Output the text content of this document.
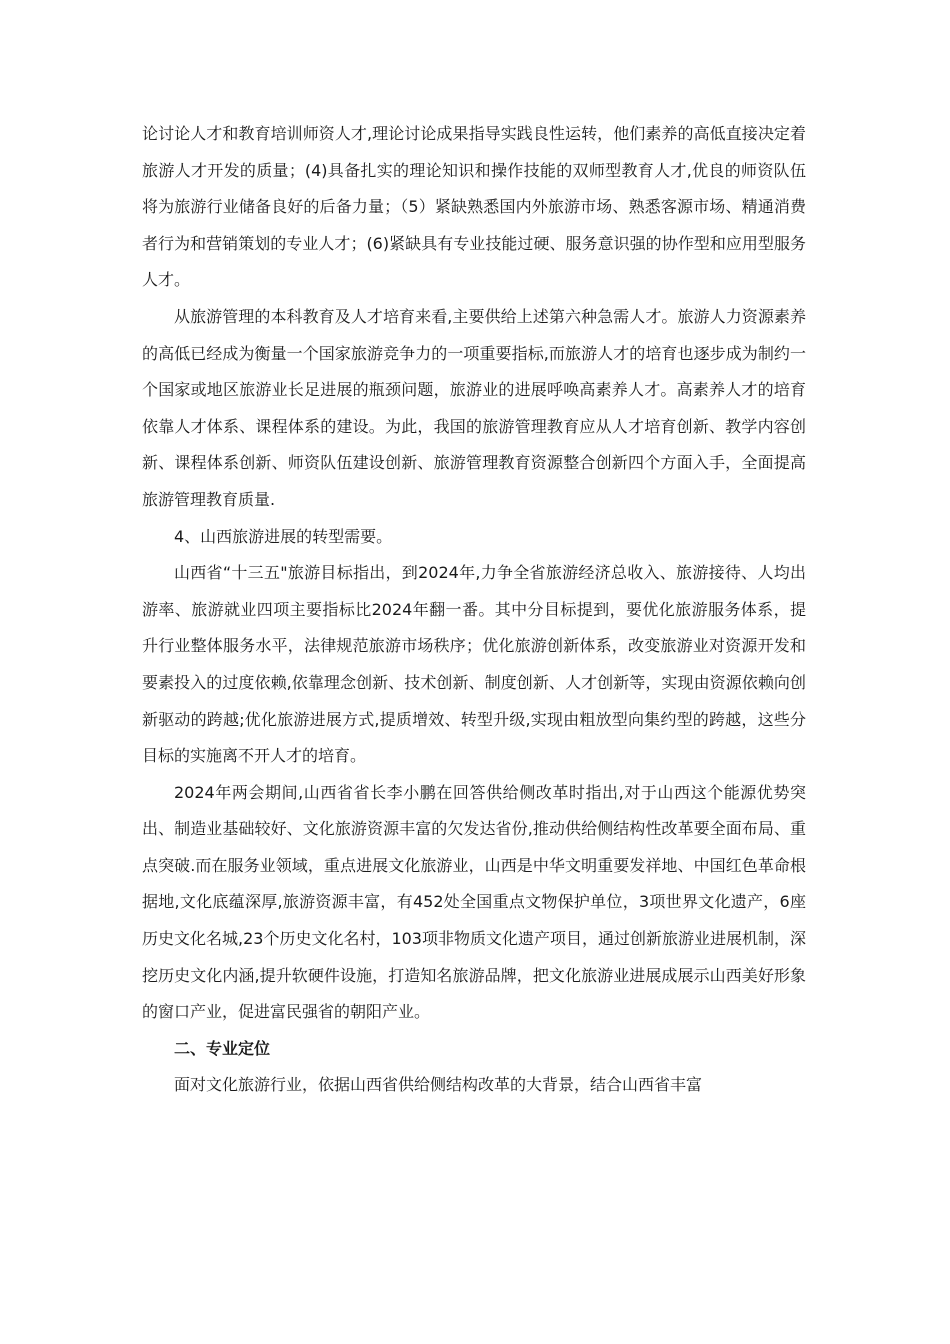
论讨论人才和教育培训师资人才,理论讨论成果指导实践良性运转，他们素养的高低直接决定着旅游人才开发的质量；(4)具备扎实的理论知识和操作技能的双师型教育人才,优良的师资队伍将为旅游行业储备良好的后备力量；（5）紧缺熟悉国内外旅游市场、熟悉客源市场、精通消费者行为和营销策划的专业人才；(6)紧缺具有专业技能过硬、服务意识强的协作型和应用型服务人才。

从旅游管理的本科教育及人才培育来看,主要供给上述第六种急需人才。旅游人力资源素养的高低已经成为衡量一个国家旅游竞争力的一项重要指标,而旅游人才的培育也逐步成为制约一个国家或地区旅游业长足进展的瓶颈问题，旅游业的进展呼唤高素养人才。高素养人才的培育依靠人才体系、课程体系的建设。为此，我国的旅游管理教育应从人才培育创新、教学内容创新、课程体系创新、师资队伍建设创新、旅游管理教育资源整合创新四个方面入手，全面提高旅游管理教育质量.

4、山西旅游进展的转型需要。

山西省“十三五"旅游目标指出，到2024年,力争全省旅游经济总收入、旅游接待、人均出游率、旅游就业四项主要指标比2024年翻一番。其中分目标提到，要优化旅游服务体系，提升行业整体服务水平，法律规范旅游市场秩序；优化旅游创新体系，改变旅游业对资源开发和要素投入的过度依赖,依靠理念创新、技术创新、制度创新、人才创新等，实现由资源依赖向创新驱动的跨越;优化旅游进展方式,提质增效、转型升级,实现由粗放型向集约型的跨越，这些分目标的实施离不开人才的培育。

2024年两会期间,山西省省长李小鹏在回答供给侧改革时指出,对于山西这个能源优势突出、制造业基础较好、文化旅游资源丰富的欠发达省份,推动供给侧结构性改革要全面布局、重点突破.而在服务业领域，重点进展文化旅游业，山西是中华文明重要发祥地、中国红色革命根据地,文化底蕴深厚,旅游资源丰富，有452处全国重点文物保护单位，3项世界文化遗产，6座历史文化名城,23个历史文化名村，103项非物质文化遗产项目，通过创新旅游业进展机制，深挖历史文化内涵,提升软硬件设施，打造知名旅游品牌，把文化旅游业进展成展示山西美好形象的窗口产业，促进富民强省的朝阳产业。

二、专业定位

面对文化旅游行业，依据山西省供给侧结构改革的大背景，结合山西省丰富
